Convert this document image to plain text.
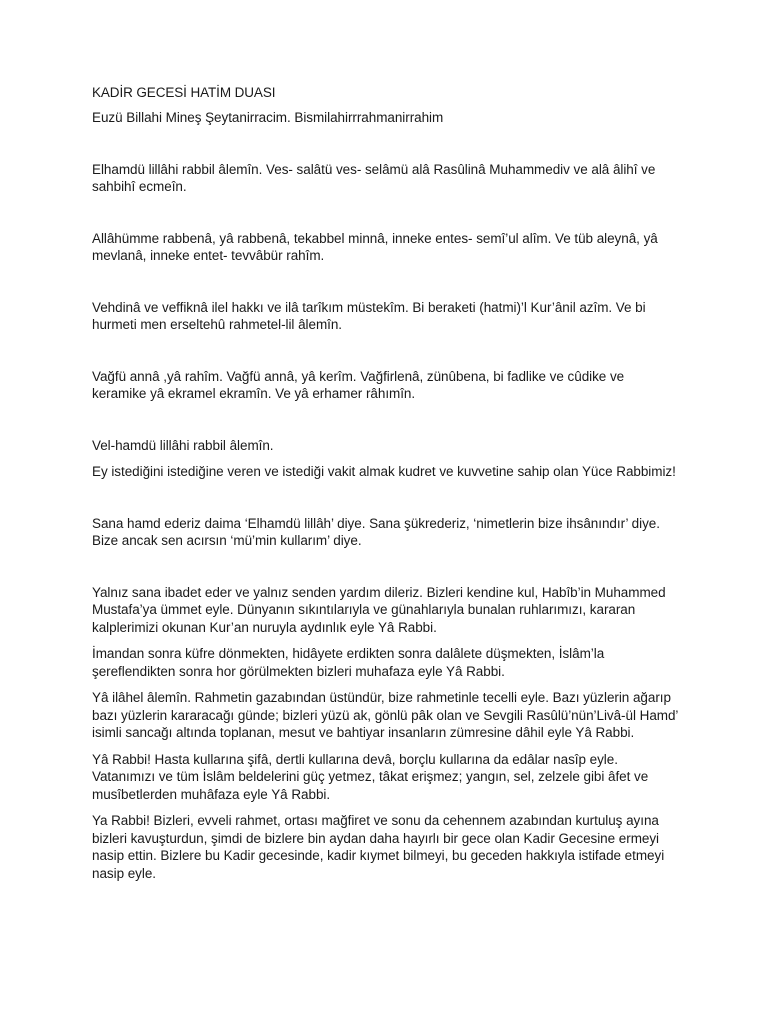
KADİR GECESİ HATİM DUASI

Euzü Billahi Mineş Şeytanirracim. Bismilahirrrahmanirrahim

Elhamdü lillâhi rabbil âlemîn. Ves- salâtü ves- selâmü alâ Rasûlinâ Muhammediv ve alâ âlihî ve sahbihî ecmeîn.

Allâhümme rabbenâ, yâ rabbenâ, tekabbel minnâ, inneke entes- semî’ul alîm. Ve tüb aleynâ, yâ mevlanâ, inneke entet- tevvâbür rahîm.

Vehdinâ ve veffiknâ ilel hakkı ve ilâ tarîkım müstekîm. Bi beraketi (hatmi)’l Kur’ânil azîm. Ve bi hurmeti men erseltehû rahmetel-lil âlemîn.

Vağfü annâ ,yâ rahîm. Vağfü annâ, yâ kerîm. Vağfirlenâ, zünûbena, bi fadlike ve cûdike ve keramike yâ ekramel ekramîn. Ve yâ erhamer râhımîn.

Vel-hamdü lillâhi rabbil âlemîn.

Ey istediğini istediğine veren ve istediği vakit almak kudret ve kuvvetine sahip olan Yüce Rabbimiz!

Sana hamd ederiz daima ‘Elhamdü lillâh’ diye. Sana şükrederiz, ‘nimetlerin bize ihsânındır’ diye. Bize ancak sen acırsın ‘mü’min kullarım’ diye.

Yalnız sana ibadet eder ve yalnız senden yardım dileriz. Bizleri kendine kul, Habîb’in Muhammed Mustafa’ya ümmet eyle. Dünyanın sıkıntılarıyla ve günahlarıyla bunalan ruhlarımızı, kararan kalplerimizi okunan Kur’an nuruyla aydınlık eyle Yâ Rabbi.

İmandan sonra küfre dönmekten, hidâyete erdikten sonra dalâlete düşmekten, İslâm’la şereflendikten sonra hor görülmekten bizleri muhafaza eyle Yâ Rabbi.

Yâ ilâhel âlemîn. Rahmetin gazabından üstündür, bize rahmetinle tecelli eyle. Bazı yüzlerin ağarıp bazı yüzlerin kararacağı günde; bizleri yüzü ak, gönlü pâk olan ve Sevgili Rasûlü’nün’Livâ-ül Hamd’ isimli sancağı altında toplanan, mesut ve bahtiyar insanların zümresine dâhil eyle Yâ Rabbi.

Yâ Rabbi! Hasta kullarına şifâ, dertli kullarına devâ, borçlu kullarına da edâlar nasîp eyle. Vatanımızı ve tüm İslâm beldelerini güç yetmez, tâkat erişmez; yangın, sel, zelzele gibi âfet ve musîbetlerden muhâfaza eyle Yâ Rabbi.

Ya Rabbi! Bizleri, evveli rahmet, ortası mağfiret ve sonu da cehennem azabından kurtuluş ayına bizleri kavuşturdun, şimdi de bizlere bin aydan daha hayırlı bir gece olan Kadir Gecesine ermeyi nasip ettin. Bizlere bu Kadir gecesinde, kadir kıymet bilmeyi, bu geceden hakkıyla istifade etmeyi nasip eyle.
